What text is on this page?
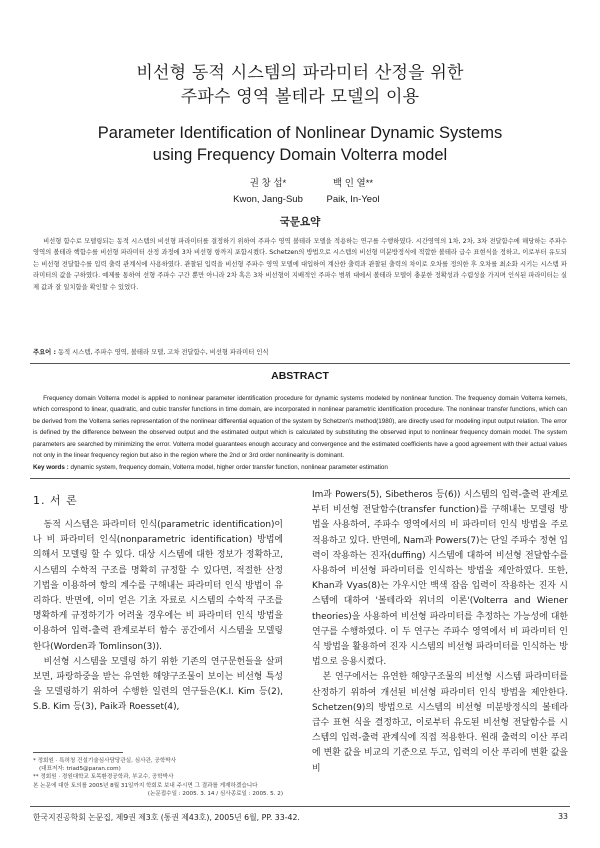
비선형 동적 시스템의 파라미터 산정을 위한
주파수 영역 볼테라 모델의 이용
Parameter Identification of Nonlinear Dynamic Systems
using Frequency Domain Volterra model
권 창 섭*
Kwon, Jang-Sub
백 인 열**
Paik, In-Yeol
국문요약
비선형 함수로 모델링되는 동적 시스템의 비선형 파라미터를 결정하기 위하여 주파수 영역 볼테라 모델을 적용하는 연구를 수행하였다. 시간영역의 1차, 2차, 3차 전달함수에 해당하는 주파수 영역의 볼테라 핵함수를 비선형 파라미터 산정 과정에 3차 비선형 항까지 포함시켰다. Schetzen의 방법으로 시스템의 비선형 미분방정식에 적합한 볼테라 급수 표현식을 정하고, 이로부터 유도되는 비선형 전달함수를 입력 출력 관계식에 사용하였다. 관찰된 입력을 비선형 주파수 영역 모델에 대입하여 계산한 출력과 관찰된 출력의 차이로 오차를 정의한 후 오차를 최소화 시키는 시스템 파라미터의 값을 구하였다. 예제를 통하여 선형 주파수 구간 뿐만 아니라 2차 혹은 3차 비선형이 지배적인 주파수 범위 대에서 볼테라 모델이 충분한 정확성과 수렴성을 가지며 인식된 파라미터는 실제 값과 잘 일치함을 확인할 수 있었다.
주요어 : 동적 시스템, 주파수 영역, 볼테라 모델, 고차 전달함수, 비선형 파라미터 인식
ABSTRACT
Frequency domain Volterra model is applied to nonlinear parameter identification procedure for dynamic systems modeled by nonlinear function. The frequency domain Volterra kernels, which correspond to linear, quadratic, and cubic transfer functions in time domain, are incorporated in nonlinear parametric identification procedure. The nonlinear transfer functions, which can be derived from the Volterra series representation of the nonlinear differential equation of the system by Schetzen's method(1980), are directly used for modeling input output relation. The error is defined by the difference between the observed output and the estimated output which is calculated by substituting the observed input to nonlinear frequency domain model. The system parameters are searched by minimizing the error. Volterra model guarantees enough accuracy and convergence and the estimated coefficients have a good agreement with their actual values not only in the linear frequency region but also in the region where the 2nd or 3rd order nonlinearity is dominant.
Key words : dynamic system, frequency domain, Volterra model, higher order transfer function, nonlinear parameter estimation
1. 서 론

동적 시스템은 파라미터 인식(parametric identification)이나 비 파라미터 인식(nonparametric identification) 방법에 의해서 모델링 할 수 있다. 대상 시스템에 대한 정보가 정확하고, 시스템의 수학적 구조를 명확히 규정할 수 있다면, 적절한 산정 기법을 이용하여 항의 계수를 구해내는 파라미터 인식 방법이 유리하다. 반면에, 이미 얻은 기초 자료로 시스템의 수학적 구조를 명확하게 규정하기가 어려울 경우에는 비 파라미터 인식 방법을 이용하여 입력-출력 관계로부터 함수 공간에서 시스템을 모델링한다(Worden과 Tomlinson(3)).

비선형 시스템을 모델링 하기 위한 기존의 연구문헌들을 살펴보면, 파랑하중을 받는 유연한 해양구조물이 보이는 비선형 특성을 모델링하기 위하여 수행한 일련의 연구들은(K.I. Kim 등(2), S.B. Kim 등(3), Paik과 Roesset(4),

* 정회원 · 특허청 건설기술심사담당관실, 심사관, 공학박사
(대표저자: triad5@paran.com)
** 정회원 · 경원대학교 토목환경공학과, 부교수, 공학박사
본 논문에 대한 토의를 2005년 8월 31일까지 학회로 보내 주시면 그 결과를 게재하겠습니다
(논문접수일 : 2005. 3. 14 / 심사종료일 : 2005. 5. 2)

Im과 Powers(5), Sibetheros 등(6)) 시스템의 입력-출력 관계로부터 비선형 전달함수(transfer function)를 구해내는 모델링 방법을 사용하여, 주파수 영역에서의 비 파라미터 인식 방법을 주로 적용하고 있다. 반면에, Nam과 Powers(7)는 단일 주파수 정현 입력이 작용하는 진자(duffing) 시스템에 대하여 비선형 전달함수를 사용하여 비선형 파라미터를 인식하는 방법을 제안하였다. 또한, Khan과 Vyas(8)는 가우시안 백색 잡음 입력이 작용하는 진자 시스템에 대하여 '볼테라와 위너의 이론'(Volterra and Wiener theories)을 사용하여 비선형 파라미터를 추정하는 가능성에 대한 연구를 수행하였다. 이 두 연구는 주파수 영역에서 비 파라미터 인식 방법을 활용하여 진자 시스템의 비선형 파라미터를 인식하는 방법으로 응용시켰다.

본 연구에서는 유연한 해양구조물의 비선형 시스템 파라미터를 산정하기 위하여 개선된 비선형 파라미터 인식 방법을 제안한다. Schetzen(9)의 방법으로 시스템의 비선형 미분방정식의 볼테라 급수 표현 식을 결정하고, 이로부터 유도된 비선형 전달함수를 시스템의 입력-출력 관계식에 직접 적용한다. 원래 출력의 이산 푸리에 변환 값을 비교의 기준으로 두고, 입력의 이산 푸리에 변환 값을 비

한국지진공학회 논문집, 제9권 제3호 (통권 제43호), 2005년 6월, PP. 33-42.	33
